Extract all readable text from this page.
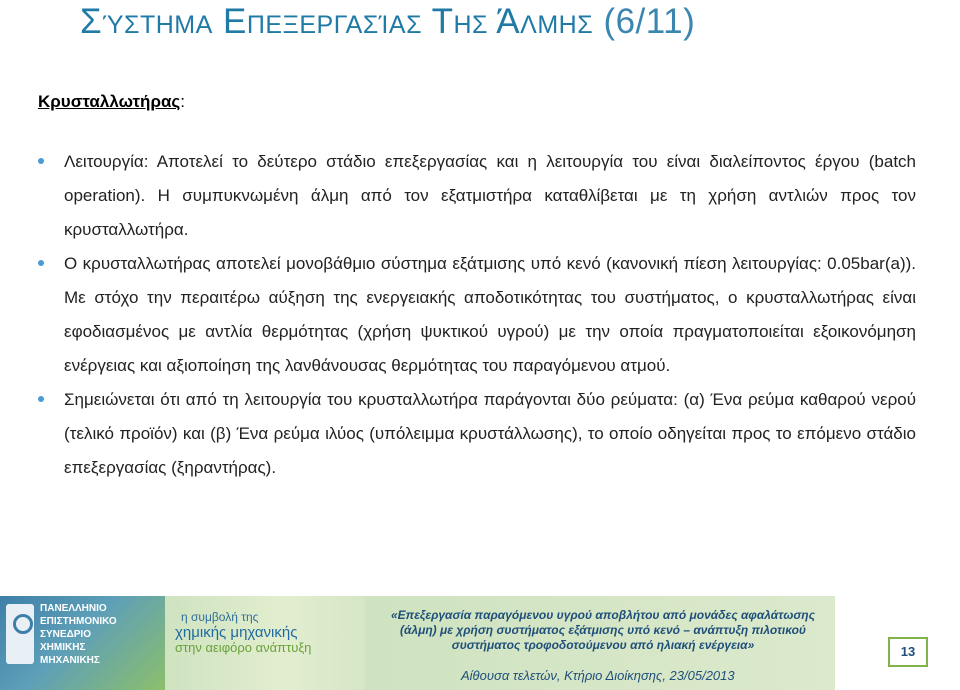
Σύστημα Επεξεργασίας Της Άλμης (6/11)
Κρυσταλλωτήρας:
Λειτουργία: Αποτελεί το δεύτερο στάδιο επεξεργασίας και η λειτουργία του είναι διαλείποντος έργου (batch operation). Η συμπυκνωμένη άλμη από τον εξατμιστήρα καταθλίβεται με τη χρήση αντλιών προς τον κρυσταλλωτήρα.
Ο κρυσταλλωτήρας αποτελεί μονοβάθμιο σύστημα εξάτμισης υπό κενό (κανονική πίεση λειτουργίας: 0.05bar(a)). Με στόχο την περαιτέρω αύξηση της ενεργειακής αποδοτικότητας του συστήματος, ο κρυσταλλωτήρας είναι εφοδιασμένος με αντλία θερμότητας (χρήση ψυκτικού υγρού) με την οποία πραγματοποιείται εξοικονόμηση ενέργειας και αξιοποίηση της λανθάνουσας θερμότητας του παραγόμενου ατμού.
Σημειώνεται ότι από τη λειτουργία του κρυσταλλωτήρα παράγονται δύο ρεύματα: (α) Ένα ρεύμα καθαρού νερού (τελικό προϊόν) και (β) Ένα ρεύμα ιλύος (υπόλειμμα κρυστάλλωσης), το οποίο οδηγείται προς το επόμενο στάδιο επεξεργασίας (ξηραντήρας).
ΠΑΝΕΛΛΗΝΙΟ
ΕΠΙΣΤΗΜΟΝΙΚΟ
ΣΥΝΕΔΡΙΟ
ΧΗΜΙΚΗΣ
ΜΗΧΑΝΙΚΗΣ
η συμβολή της
χημικής μηχανικής
στην αειφόρο ανάπτυξη
«Επεξεργασία παραγόμενου υγρού αποβλήτου από μονάδες αφαλάτωσης (άλμη) με χρήση συστήματος εξάτμισης υπό κενό – ανάπτυξη πιλοτικού συστήματος τροφοδοτούμενου από ηλιακή ενέργεια»
Αίθουσα τελετών, Κτήριο Διοίκησης, 23/05/2013
13
